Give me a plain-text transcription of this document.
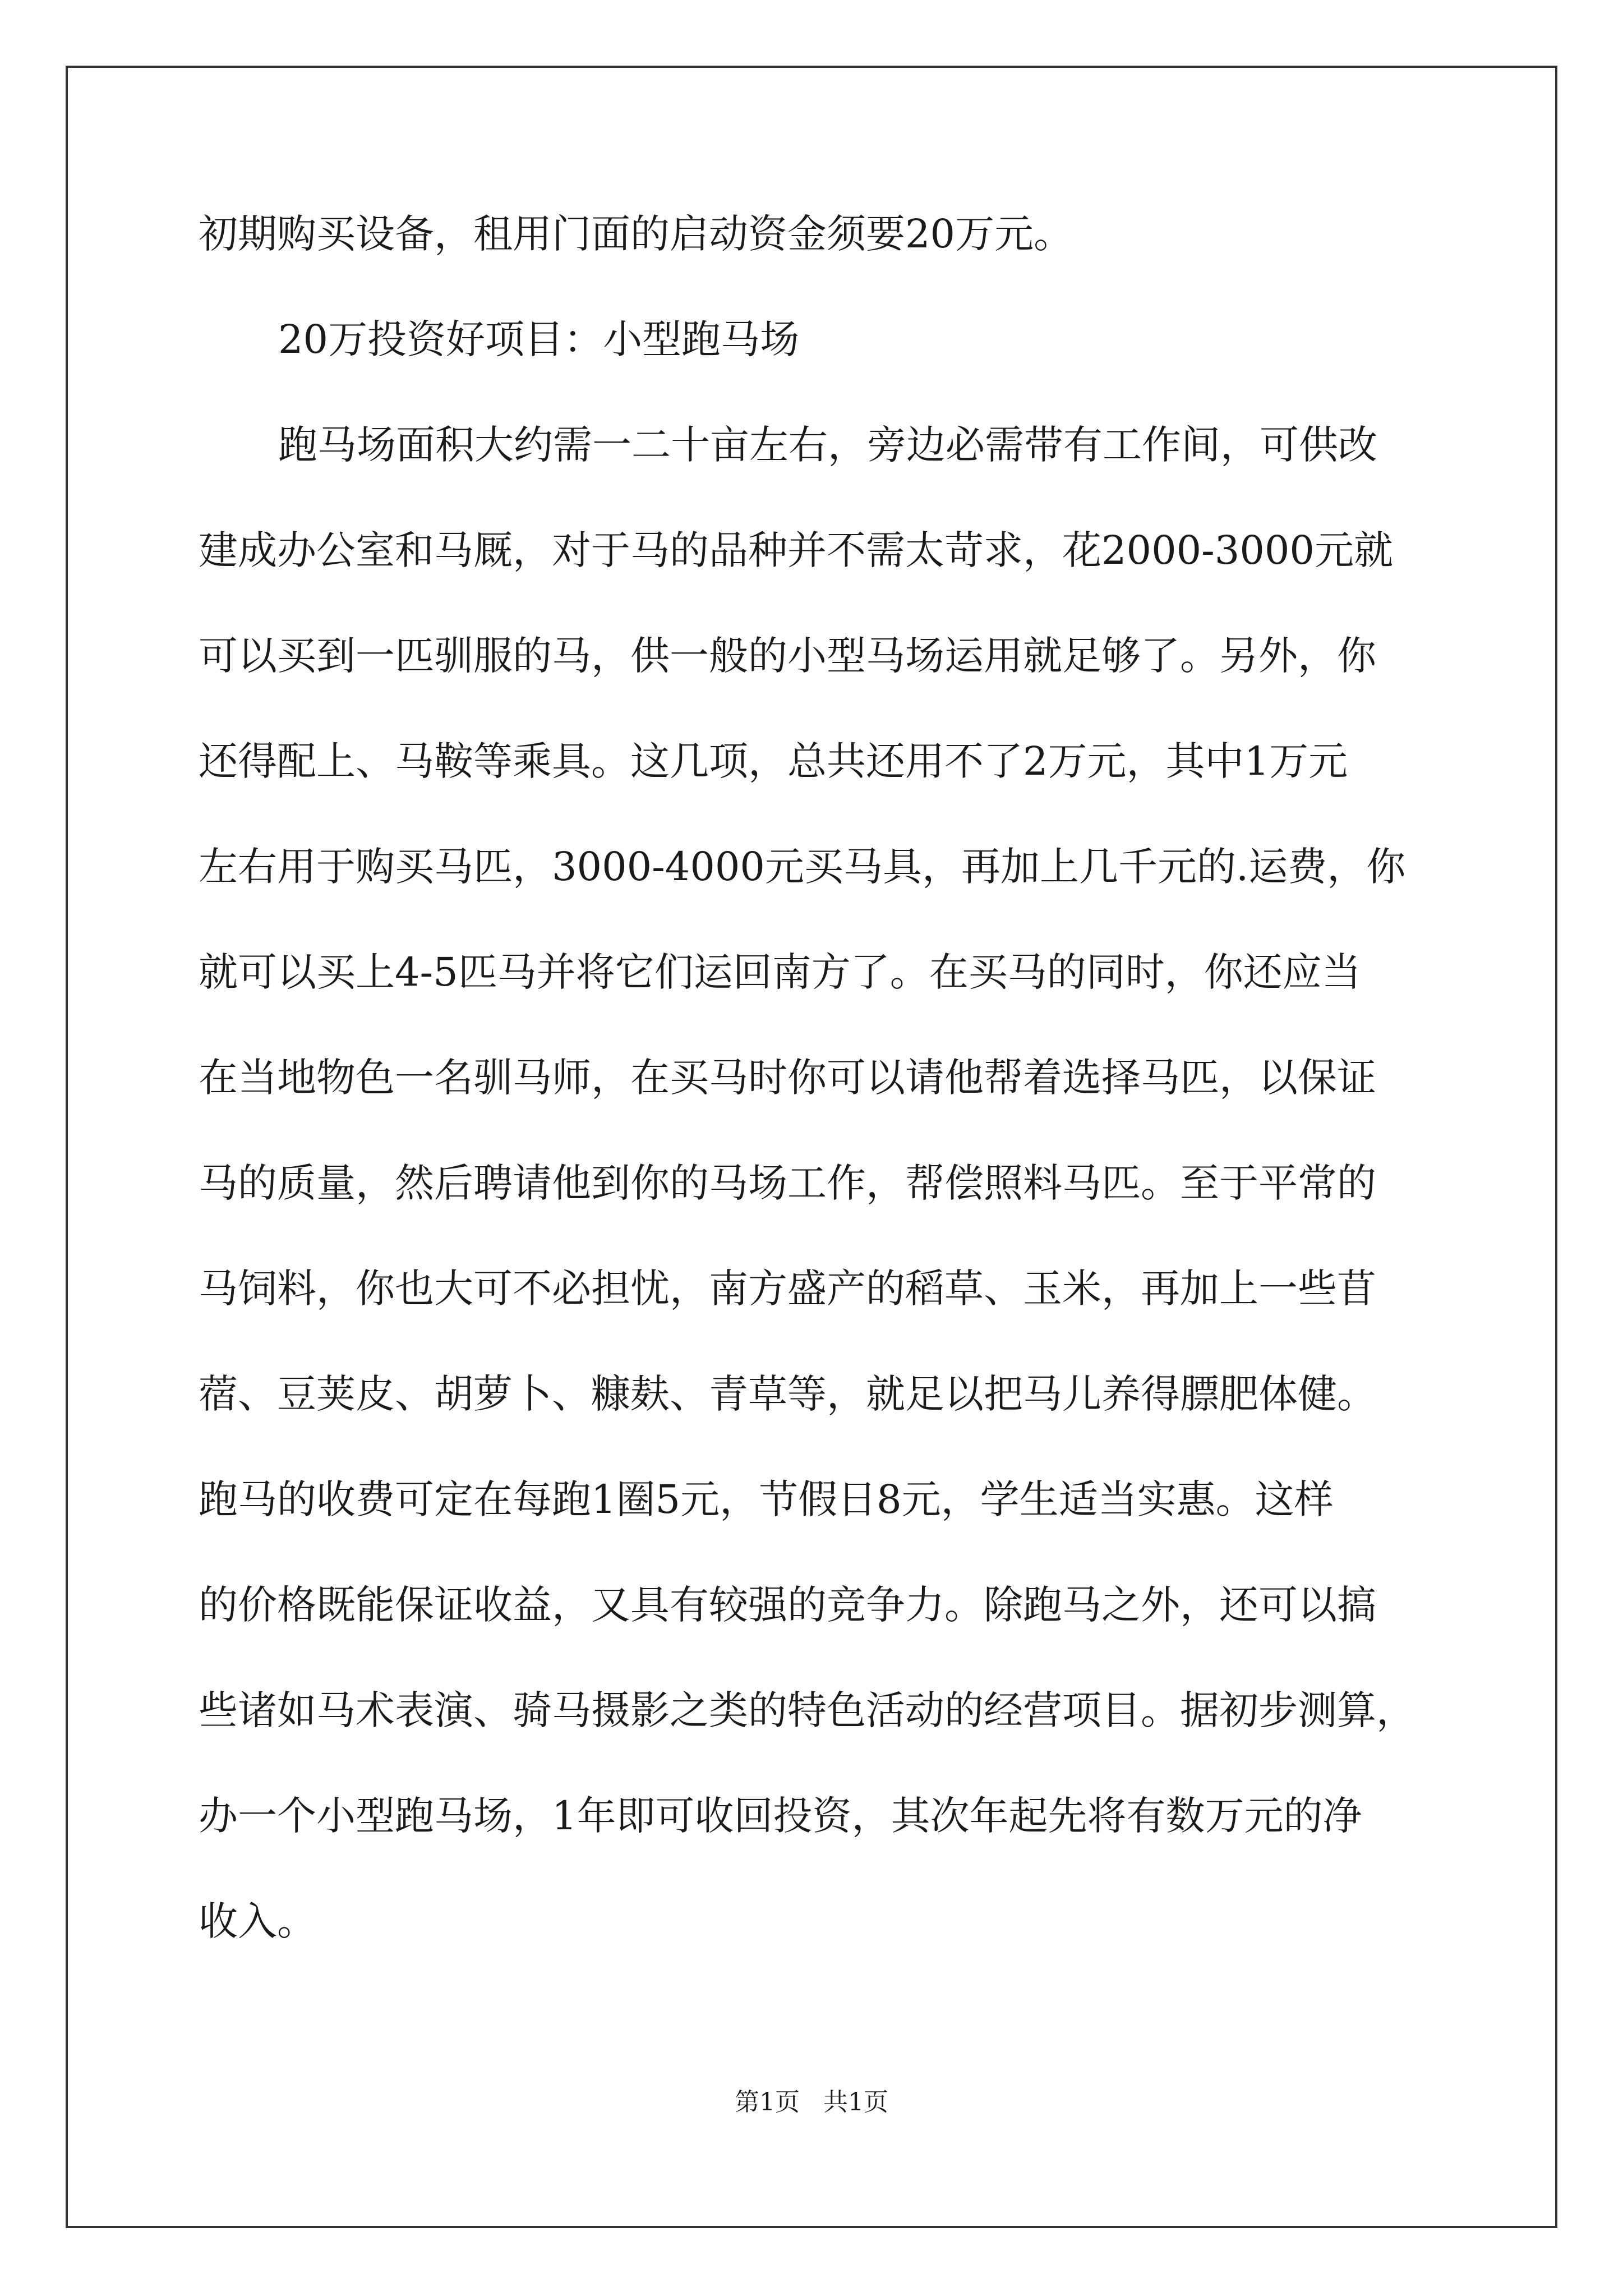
初期购买设备，租用门面的启动资金须要20万元。
20万投资好项目：小型跑马场
跑马场面积大约需一二十亩左右，旁边必需带有工作间，可供改
建成办公室和马厩，对于马的品种并不需太苛求，花2000-3000元就
可以买到一匹驯服的马，供一般的小型马场运用就足够了。另外，你
还得配上、马鞍等乘具。这几项，总共还用不了2万元，其中1万元
左右用于购买马匹，3000-4000元买马具，再加上几千元的.运费，你
就可以买上4-5匹马并将它们运回南方了。在买马的同时，你还应当
在当地物色一名驯马师，在买马时你可以请他帮着选择马匹，以保证
马的质量，然后聘请他到你的马场工作，帮偿照料马匹。至于平常的
马饲料，你也大可不必担忧，南方盛产的稻草、玉米，再加上一些苜
蓿、豆荚皮、胡萝卜、糠麸、青草等，就足以把马儿养得膘肥体健。
跑马的收费可定在每跑1圈5元，节假日8元，学生适当实惠。这样
的价格既能保证收益，又具有较强的竞争力。除跑马之外，还可以搞
些诸如马术表演、骑马摄影之类的特色活动的经营项目。据初步测算，
办一个小型跑马场，1年即可收回投资，其次年起先将有数万元的净
收入。
第1页 共1页
